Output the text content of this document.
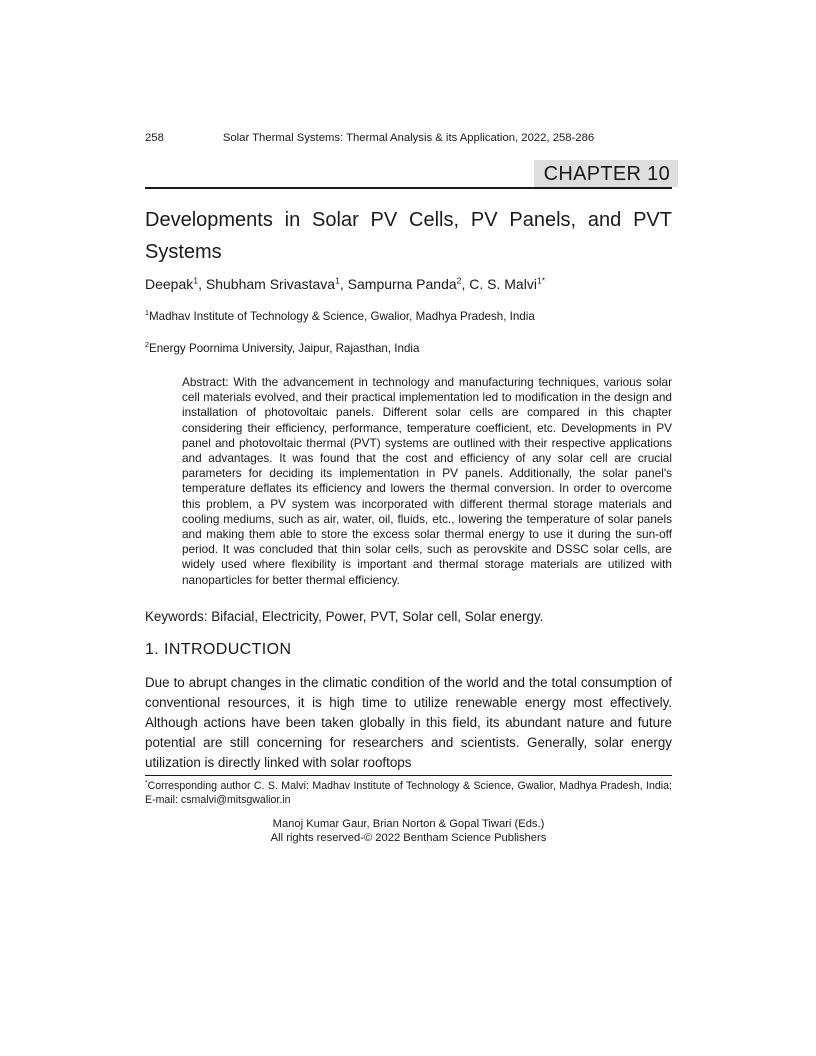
258	Solar Thermal Systems: Thermal Analysis & its Application, 2022, 258-286
CHAPTER 10
Developments in Solar PV Cells, PV Panels, and PVT Systems

Deepak$^1$, Shubham Srivastava$^1$, Sampurna Panda$^2$, C. S. Malvi$^{1*}$

$^1$Madhav Institute of Technology & Science, Gwalior, Madhya Pradesh, India

$^2$Energy Poornima University, Jaipur, Rajasthan, India

Abstract: With the advancement in technology and manufacturing techniques, various solar cell materials evolved, and their practical implementation led to modification in the design and installation of photovoltaic panels. Different solar cells are compared in this chapter considering their efficiency, performance, temperature coefficient, etc. Developments in PV panel and photovoltaic thermal (PVT) systems are outlined with their respective applications and advantages. It was found that the cost and efficiency of any solar cell are crucial parameters for deciding its implementation in PV panels. Additionally, the solar panel's temperature deflates its efficiency and lowers the thermal conversion. In order to overcome this problem, a PV system was incorporated with different thermal storage materials and cooling mediums, such as air, water, oil, fluids, etc., lowering the temperature of solar panels and making them able to store the excess solar thermal energy to use it during the sun-off period. It was concluded that thin solar cells, such as perovskite and DSSC solar cells, are widely used where flexibility is important and thermal storage materials are utilized with nanoparticles for better thermal efficiency.

Keywords: Bifacial, Electricity, Power, PVT, Solar cell, Solar energy.

1. INTRODUCTION

Due to abrupt changes in the climatic condition of the world and the total consumption of conventional resources, it is high time to utilize renewable energy most effectively. Although actions have been taken globally in this field, its abundant nature and future potential are still concerning for researchers and scientists. Generally, solar energy utilization is directly linked with solar rooftops

*Corresponding author C. S. Malvi: Madhav Institute of Technology & Science, Gwalior, Madhya Pradesh, India; E-mail: csmalvi@mitsgwalior.in
Manoj Kumar Gaur, Brian Norton & Gopal Tiwari (Eds.)
All rights reserved-© 2022 Bentham Science Publishers
